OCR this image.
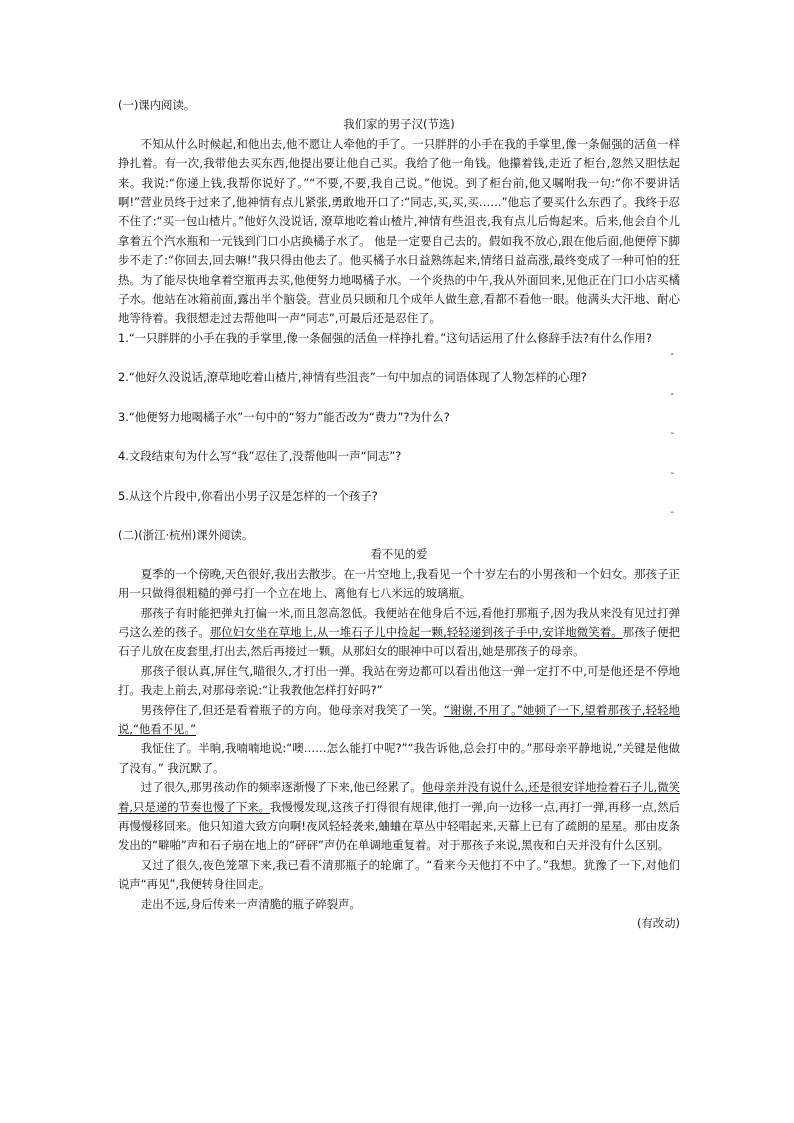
(一)课内阅读。

我们家的男子汉(节选)

不知从什么时候起,和他出去,他不愿让人牵他的手了。一只胖胖的小手在我的手掌里,像一条倔强的活鱼一样挣扎着。有一次,我带他去买东西,他提出要让他自己买。我给了他一角钱。他攥着钱,走近了柜台,忽然又胆怯起来。我说:“你递上钱,我帮你说好了。”“不要,不要,我自己说。”他说。到了柜台前,他又嘱咐我一句:“你不要讲话啊!”营业员终于过来了,他神情有点儿紧张,勇敢地开口了:“同志,买,买,买……”他忘了要买什么东西了。我终于忍不住了:“买一包山楂片。”他好久没说话, 潦草地吃着山楂片,神情有些沮丧,我有点儿后悔起来。后来,他会自个儿拿着五个汽水瓶和一元钱到门口小店换橘子水了。 他是一定要自己去的。假如我不放心,跟在他后面,他便停下脚步不走了:“你回去,回去嘛!”我只得由他去了。他买橘子水日益熟练起来,情绪日益高涨,最终变成了一种可怕的狂热。为了能尽快地拿着空瓶再去买,他便努力地喝橘子水。一个炎热的中午,我从外面回来,见他正在门口小店买橘子水。他站在冰箱前面,露出半个脑袋。营业员只顾和几个成年人做生意,看都不看他一眼。他满头大汗地、耐心地等待着。我很想走过去帮他叫一声“同志”,可最后还是忍住了。

1.“一只胖胖的小手在我的手掌里,像一条倔强的活鱼一样挣扎着。”这句话运用了什么修辞手法?有什么作用?

-

2.“他好久没说话,潦草地吃着山楂片,神情有些沮丧”一句中加点的词语体现了人物怎样的心理?

-

3.“他便努力地喝橘子水”一句中的“努力”能否改为“费力”?为什么?

-

4.文段结束句为什么写“我”忍住了,没帮他叫一声“同志”?

-

5.从这个片段中,你看出小男子汉是怎样的一个孩子?

-

(二)(浙江·杭州)课外阅读。

看不见的爱

夏季的一个傍晚,天色很好,我出去散步。在一片空地上,我看见一个十岁左右的小男孩和一个妇女。那孩子正用一只做得很粗糙的弹弓打一个立在地上、离他有七八米远的玻璃瓶。

那孩子有时能把弹丸打偏一米,而且忽高忽低。我便站在他身后不远,看他打那瓶子,因为我从来没有见过打弹弓这么差的孩子。那位妇女坐在草地上,从一堆石子儿中捡起一颗,轻轻递到孩子手中,安详地微笑着。那孩子便把石子儿放在皮套里,打出去,然后再接过一颗。从那妇女的眼神中可以看出,她是那孩子的母亲。

那孩子很认真,屏住气,瞄很久,才打出一弹。我站在旁边都可以看出他这一弹一定打不中,可是他还是不停地打。我走上前去,对那母亲说:“让我教他怎样打好吗?”

男孩停住了,但还是看着瓶子的方向。他母亲对我笑了一笑。“谢谢,不用了。”她顿了一下,望着那孩子,轻轻地说,“他看不见。”

我怔住了。半晌,我喃喃地说:“噢……怎么能打中呢?”“我告诉他,总会打中的。”那母亲平静地说,“关键是他做了没有。” 我沉默了。

过了很久,那男孩动作的频率逐渐慢了下来,他已经累了。他母亲并没有说什么,还是很安详地捡着石子儿,微笑着,只是递的节奏也慢了下来。我慢慢发现,这孩子打得很有规律,他打一弹,向一边移一点,再打一弹,再移一点,然后再慢慢移回来。他只知道大致方向啊!夜风轻轻袭来,蛐蛐在草丛中轻唱起来,天幕上已有了疏朗的星星。那由皮条发出的“噼啪”声和石子崩在地上的“砰砰”声仍在单调地重复着。对于那孩子来说,黑夜和白天并没有什么区别。

又过了很久,夜色笼罩下来,我已看不清那瓶子的轮廓了。“看来今天他打不中了。”我想。犹豫了一下,对他们说声“再见”,我便转身往回走。

走出不远,身后传来一声清脆的瓶子碎裂声。

(有改动)
